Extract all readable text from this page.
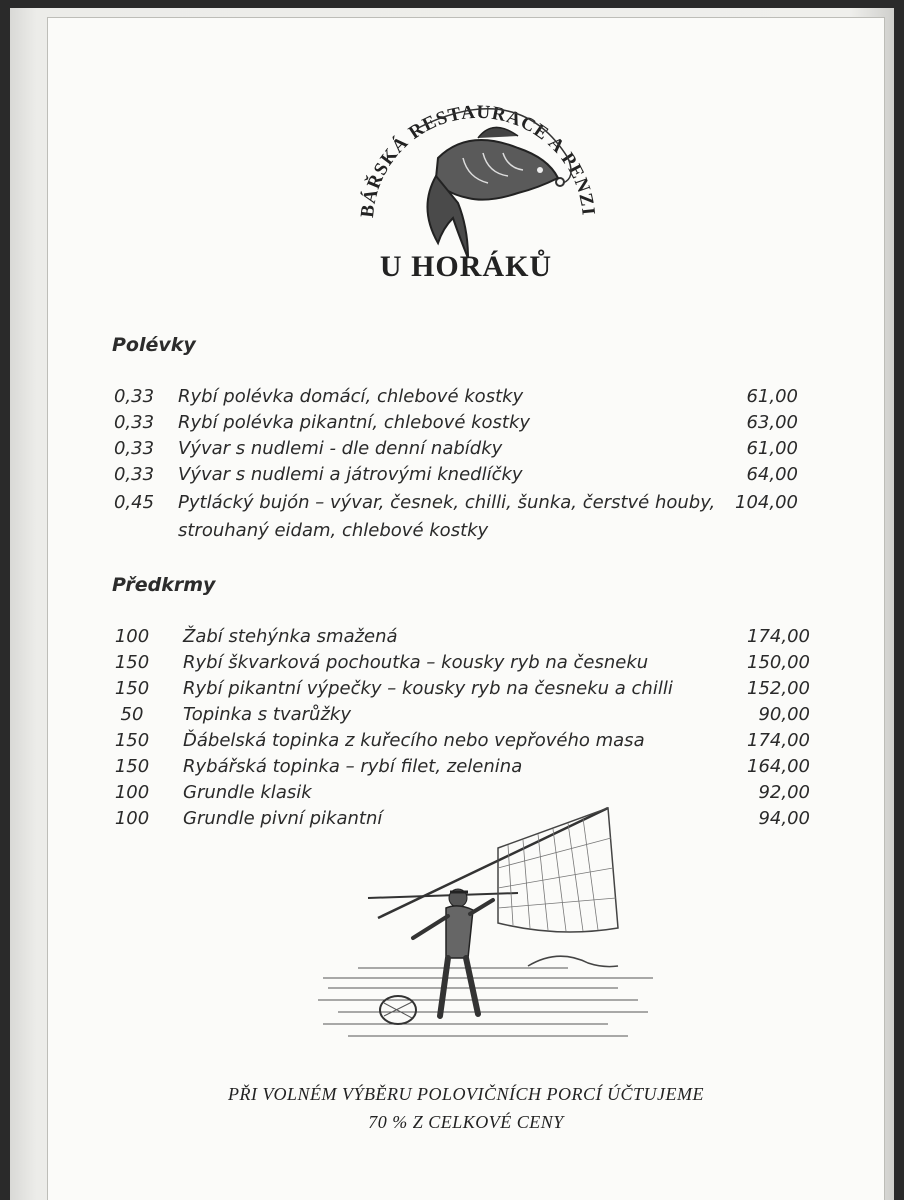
BÁŘSKÁ RESTAURACE A PENZI
U HORÁKŮ
Polévky
0,33	Rybí polévka domácí, chlebové kostky	61,00
0,33	Rybí polévka pikantní, chlebové kostky	63,00
0,33	Vývar s nudlemi - dle denní nabídky	61,00
0,33	Vývar s nudlemi a játrovými knedlíčky	64,00
0,45	Pytlácký bujón – vývar, česnek, chilli, šunka, čerstvé houby,	104,00
strouhaný eidam, chlebové kostky
Předkrmy
100	Žabí stehýnka smažená	174,00
150	Rybí škvarková pochoutka – kousky ryb na česneku	150,00
150	Rybí pikantní výpečky – kousky ryb na česneku a chilli	152,00
50	Topinka s tvarůžky	90,00
150	Ďábelská topinka z kuřecího nebo vepřového masa	174,00
150	Rybářská topinka – rybí filet, zelenina	164,00
100	Grundle klasik	92,00
100	Grundle pivní pikantní	94,00
PŘI VOLNÉM VÝBĚRU POLOVIČNÍCH PORCÍ ÚČTUJEME
70 % Z CELKOVÉ CENY
